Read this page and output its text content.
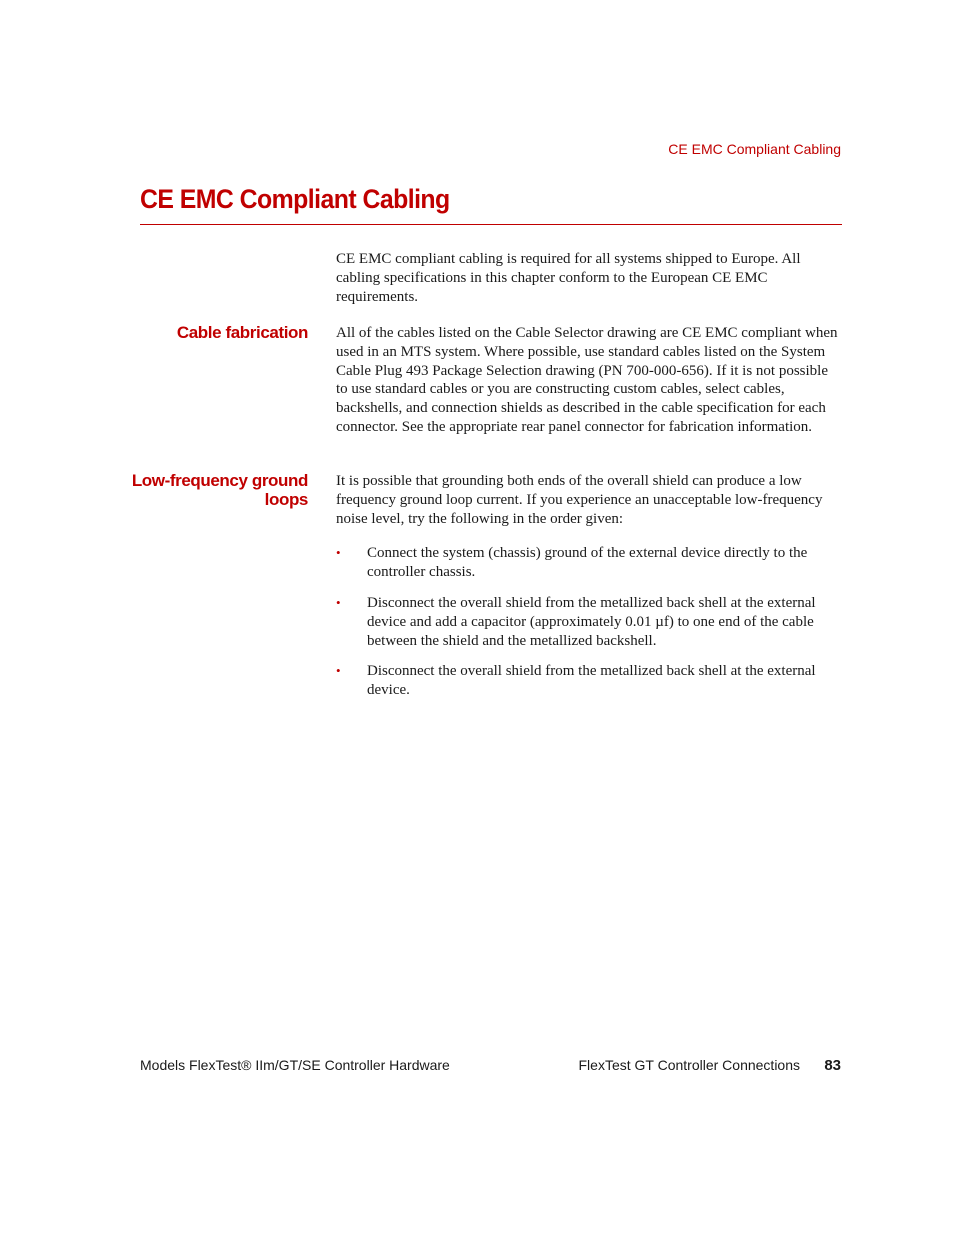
CE EMC Compliant Cabling
CE EMC Compliant Cabling

CE EMC compliant cabling is required for all systems shipped to Europe. All cabling specifications in this chapter conform to the European CE EMC requirements.

Cable fabrication All of the cables listed on the Cable Selector drawing are CE EMC compliant when used in an MTS system. Where possible, use standard cables listed on the System Cable Plug 493 Package Selection drawing (PN 700-000-656). If it is not possible to use standard cables or you are constructing custom cables, select cables, backshells, and connection shields as described in the cable specification for each connector. See the appropriate rear panel connector for fabrication information.

Low-frequency ground
loops

It is possible that grounding both ends of the overall shield can produce a low frequency ground loop current. If you experience an unacceptable low-frequency noise level, try the following in the order given:

• Connect the system (chassis) ground of the external device directly to the controller chassis.
• Disconnect the overall shield from the metallized back shell at the external device and add a capacitor (approximately 0.01 µf) to one end of the cable between the shield and the metallized backshell.
• Disconnect the overall shield from the metallized back shell at the external device.
Models FlexTest® IIm/GT/SE Controller Hardware	FlexTest GT Controller Connections 83
